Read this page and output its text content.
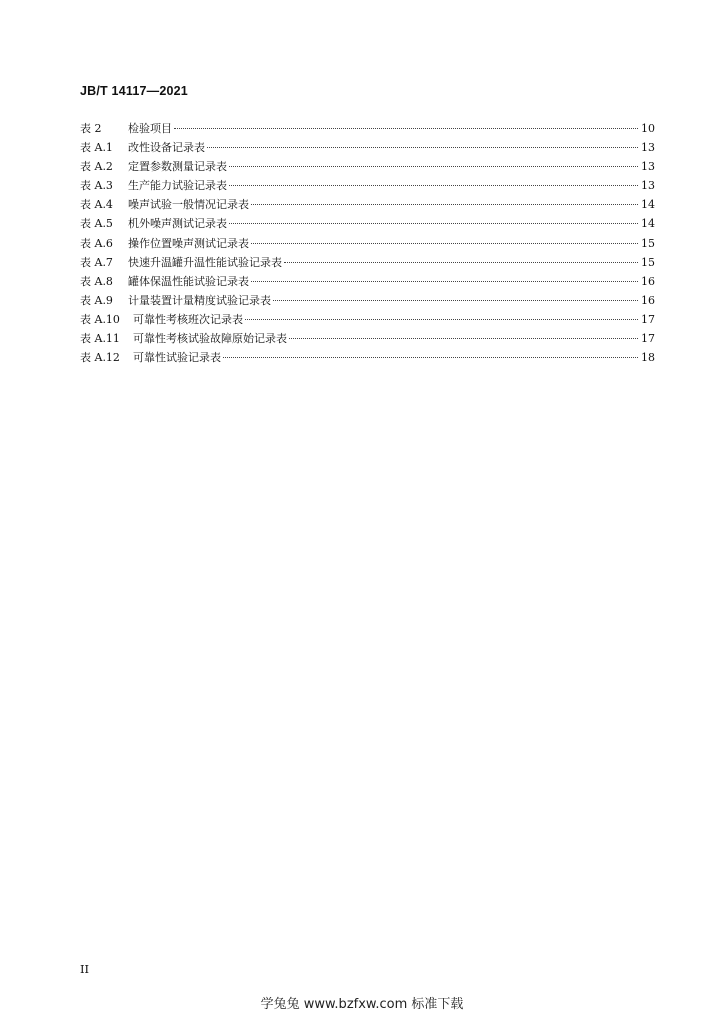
JB/T 14117—2021
表 2	检验项目	10
表 A.1	改性设备记录表	13
表 A.2	定置参数测量记录表	13
表 A.3	生产能力试验记录表	13
表 A.4	噪声试验一般情况记录表	14
表 A.5	机外噪声测试记录表	14
表 A.6	操作位置噪声测试记录表	15
表 A.7	快速升温罐升温性能试验记录表	15
表 A.8	罐体保温性能试验记录表	16
表 A.9	计量装置计量精度试验记录表	16
表 A.10	可靠性考核班次记录表	17
表 A.11	可靠性考核试验故障原始记录表	17
表 A.12	可靠性试验记录表	18
II
学兔兔 www.bzfxw.com 标准下载
